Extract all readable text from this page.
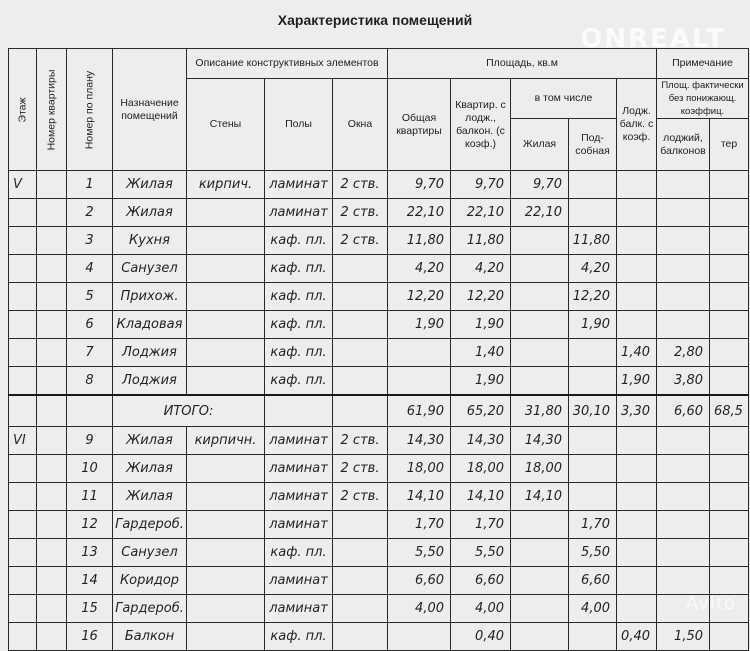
Характеристика помещений
ONREALT
Avito
Этаж	Номер квартиры	Номер по плану	Назначение помещений	Описание конструктивных элементов			Площадь, кв.м					Примечание	
				Стены	Полы	Окна	Общая квартиры	Квартир. с лодж., балкон. (с коэф.)	в том числе		Лодж. балк. с коэф.	Площ. фактически без понижающ. коэффиц.	
									Жилая	Под-собная		лоджий, балконов	тер
V		1	Жилая	кирпич.	ламинат	2 ств.	9,70	9,70	9,70				
		2	Жилая		ламинат	2 ств.	22,10	22,10	22,10				
		3	Кухня		каф. пл.	2 ств.	11,80	11,80		11,80			
		4	Санузел		каф. пл.		4,20	4,20		4,20			
		5	Прихож.		каф. пл.		12,20	12,20		12,20			
		6	Кладовая		каф. пл.		1,90	1,90		1,90			
		7	Лоджия		каф. пл.			1,40			1,40	2,80	
		8	Лоджия		каф. пл.			1,90			1,90	3,80	
			ИТОГО:				61,90	65,20	31,80	30,10	3,30	6,60	68,5
VI		9	Жилая	кирпичн.	ламинат	2 ств.	14,30	14,30	14,30				
		10	Жилая		ламинат	2 ств.	18,00	18,00	18,00				
		11	Жилая		ламинат	2 ств.	14,10	14,10	14,10				
		12	Гардероб.		ламинат		1,70	1,70		1,70			
		13	Санузел		каф. пл.		5,50	5,50		5,50			
		14	Коридор		ламинат		6,60	6,60		6,60			
		15	Гардероб.		ламинат		4,00	4,00		4,00			
		16	Балкон		каф. пл.			0,40			0,40	1,50	
